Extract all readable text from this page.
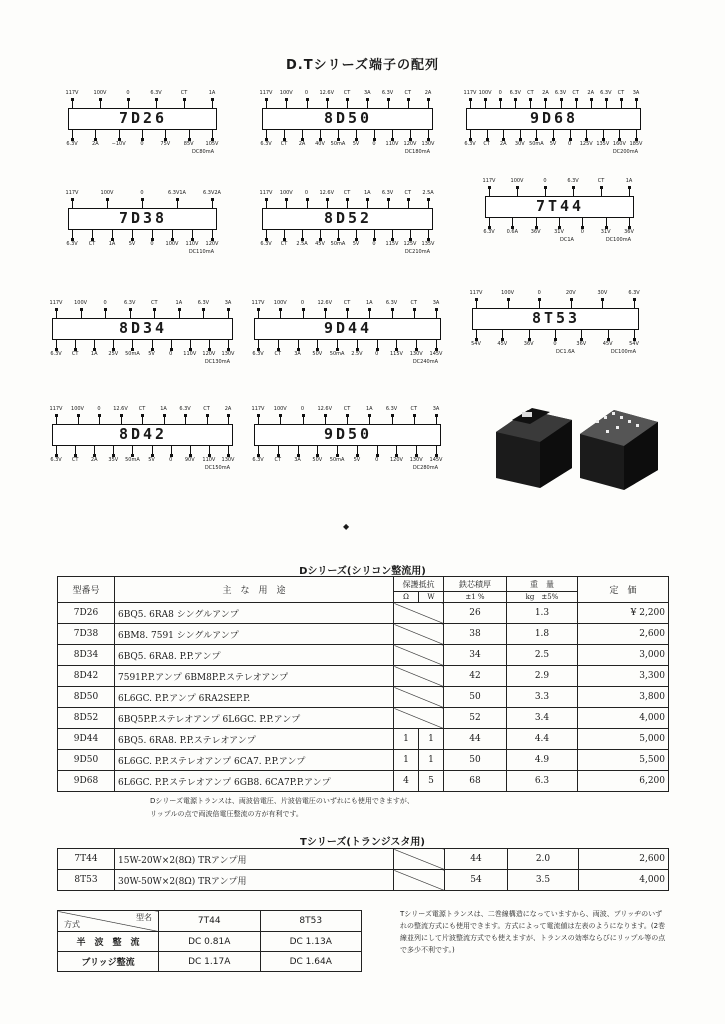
D.Tシリーズ端子の配列
7D26
117V	100V	0	6.3V	CT	1A
6.3V	2A	−10V	0	75V	85V 105V
DC80mA
8D50
117V 100V 0 12.6V CT	3A 6.3V CT	2A
6.3V CT 2A 40V 50mA 5V	0 110V 120V 130V
DC180mA
9D68
117V 100V 0 6.3V CT 2A 6.3V CT 2A 6.3V CT 3A
6.3V CT 2A 30V 50mA 5V 0 125V 135V 160V 185V
DC200mA
7D38
117V	100V	0	6.3V1A	6.3V2A
6.3V CT	1A	5V	0 100V 110V 120V
DC110mA
8D52
117V 100V 0 12.6V CT	1A 6.3V CT 2.5A
6.3V CT 2.5A 45V 50mA 5V	0 115V 125V 135V
DC210mA
7T44
117V	100V	0	6.3V	CT	1A
6.3V 0.6A	36V	31V	0	31V	36V
DC100mA
DC1A
8D34
117V 100V	0	6.3V	CT	1A	6.3V	3A
6.3V CT	1A 25V 50mA 5V	0 110V 120V 130V
DC130mA
9D44
117V 100V	0	12.6V CT	1A	6.3V	CT	3A
6.3V CT	3A 50V 50mA 2.5V	0 115V 130V 145V
DC240mA
8T53
117V	100V	0	20V	30V	6.3V
54V	45V	36V	0	36V	45V	54V
DC100mA
DC1.6A
8D42
117V 100V	0	12.6V CT	1A	6.3V	CT	2A
6.3V CT	2A 35V 50mA 5V	0	90V 110V 130V
DC150mA
9D50
117V 100V	0	12.6V CT	1A	6.3V	CT	3A
6.3V CT	3A 50V 50mA 5V	0 120V 130V 145V
DC280mA
◆
Dシリーズ(シリコン整流用)
型番号	主　な　用　途	保護抵抗		鉄芯積厚	重　量	定　価
		Ω	W	±1 %	kg　±5%	
7D26	6BQ5. 6RA8 シングルアンプ			26	1.3	¥ 2,200
7D38	6BM8. 7591 シングルアンプ			38	1.8	2,600
8D34	6BQ5. 6RA8. P.P.アンプ			34	2.5	3,000
8D42	7591P.P.アンプ 6BM8P.P.ステレオアンプ			42	2.9	3,300
8D50	6L6GC. P.P.アンプ 6RA2SEP.P.			50	3.3	3,800
8D52	6BQ5P.P.ステレオアンプ 6L6GC. P.P.アンプ			52	3.4	4,000
9D44	6BQ5. 6RA8. P.P.ステレオアンプ	1	1	44	4.4	5,000
9D50	6L6GC. P.P.ステレオアンプ 6CA7. P.P.アンプ	1	1	50	4.9	5,500
9D68	6L6GC. P.P.ステレオアンプ 6GB8. 6CA7P.P.アンプ	4	5	68	6.3	6,200
Dシリーズ電源トランスは、両波倍電圧、片波倍電圧のいずれにも使用できますが、
リップルの点で両波倍電圧整流の方が有利です。
Tシリーズ(トランジスタ用)
7T44	15W-20W×2(8Ω) TRアンプ用		44	2.0	2,600
8T53	30W-50W×2(8Ω) TRアンプ用		54	3.5	4,000
型名
方式	7T44	8T53
半　波　整　流	DC 0.81A	DC 1.13A
ブリッジ整流	DC 1.17A	DC 1.64A
Tシリーズ電源トランスは、二巻線構造になっていますから、両波、ブリッヂのいずれの整流方式にも使用できます。方式によって電流値は左表のようになります。(2巻線並列にして片波整流方式でも使えますが、トランスの効率ならびにリップル等の点で多少不利です。)
